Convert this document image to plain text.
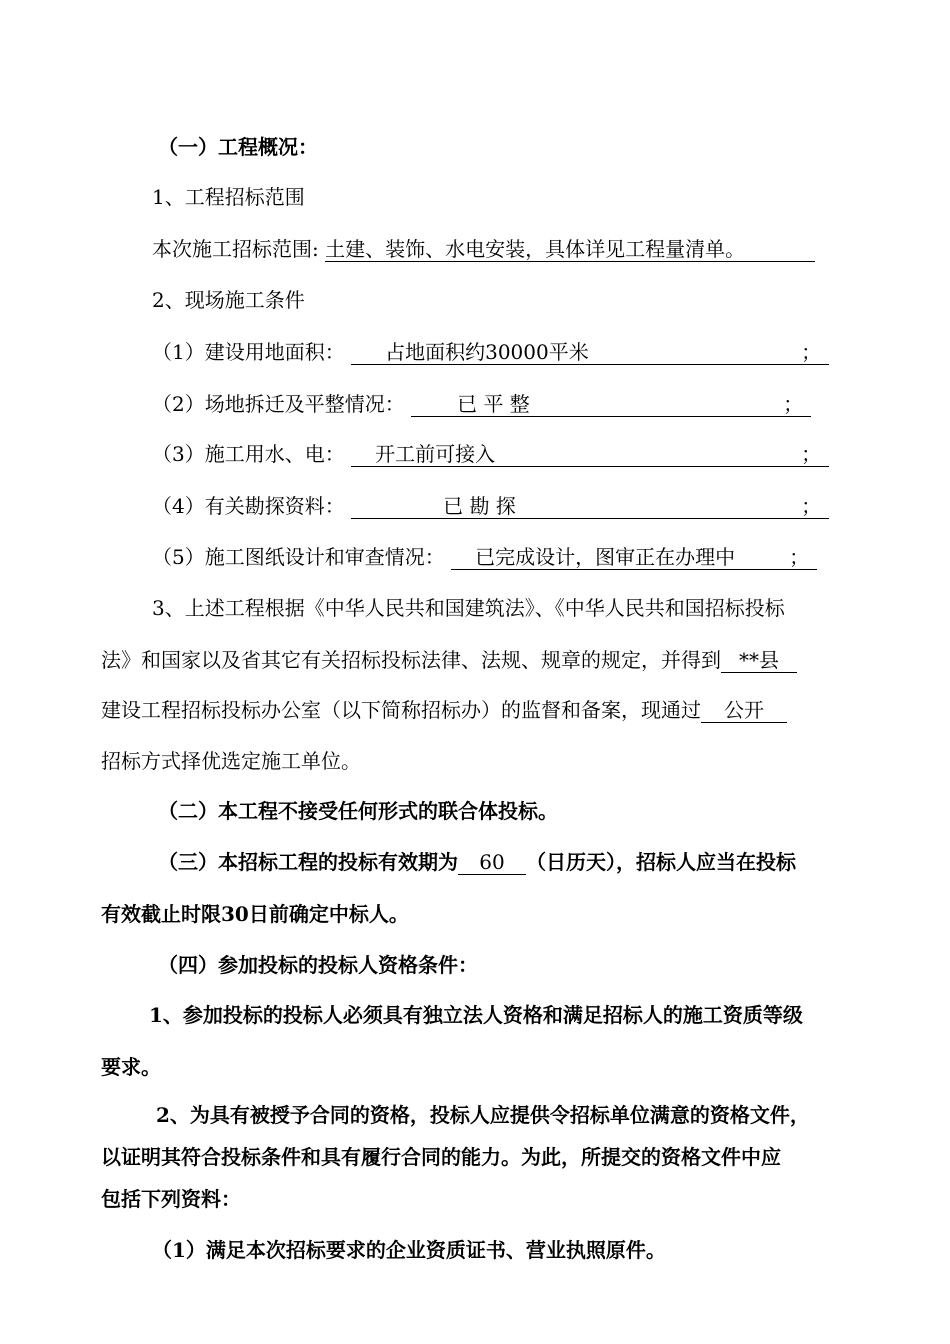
（一）工程概况：
1、工程招标范围
本次施工招标范围: 土建、装饰、水电安装，具体详见工程量清单。
2、现场施工条件
（1）建设用地面积： 占地面积约30000平米	；
（2）场地拆迁及平整情况：	已 平 整	；
（3）施工用水、电： 开工前可接入	；
（4）有关勘探资料：	已 勘 探	；
（5）施工图纸设计和审查情况： 已完成设计，图审正在办理中	；
3、上述工程根据《中华人民共和国建筑法》、《中华人民共和国招标投标
法》和国家以及省其它有关招标投标法律、法规、规章的规定，并得到 **县
建设工程招标投标办公室（以下简称招标办）的监督和备案，现通过 公开
招标方式择优选定施工单位。
（二）本工程不接受任何形式的联合体投标。
（三）本招标工程的投标有效期为 60 （日历天），招标人应当在投标
有效截止时限30日前确定中标人。
（四）参加投标的投标人资格条件：
1、参加投标的投标人必须具有独立法人资格和满足招标人的施工资质等级
要求。
2、为具有被授予合同的资格，投标人应提供令招标单位满意的资格文件，
以证明其符合投标条件和具有履行合同的能力。为此，所提交的资格文件中应
包括下列资料：
（1）满足本次招标要求的企业资质证书、营业执照原件。
